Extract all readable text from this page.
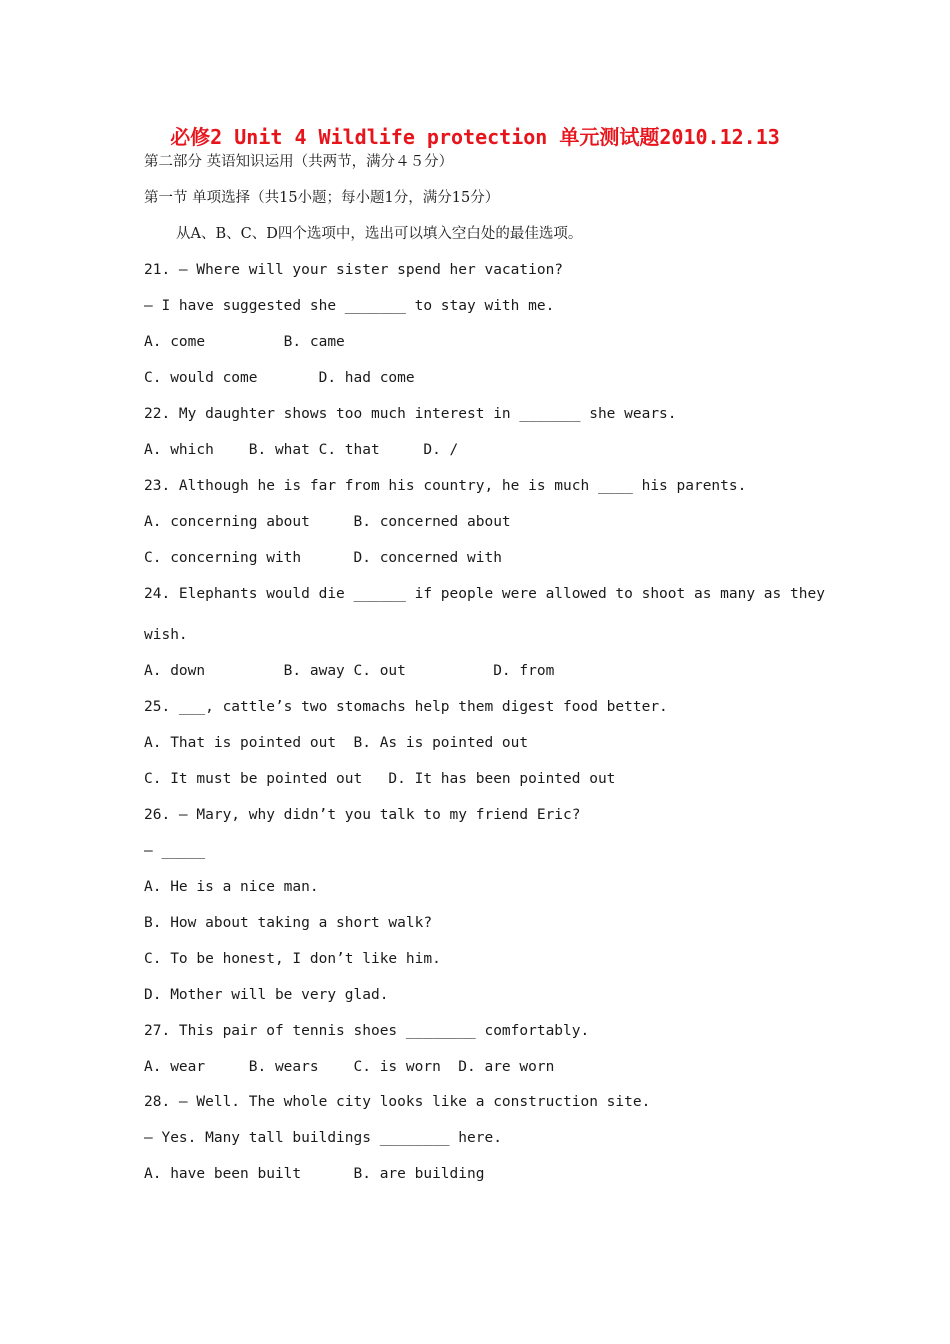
必修2 Unit 4 Wildlife protection 单元测试题2010.12.13
第二部分 英语知识运用（共两节，满分４５分）
第一节 单项选择（共15小题；每小题1分，满分15分）
从A、B、C、D四个选项中，选出可以填入空白处的最佳选项。
21. — Where will your sister spend her vacation?
— I have suggested she _______ to stay with me.
A. come         B. came
C. would come       D. had come
22. My daughter shows too much interest in _______ she wears.
A. which    B. what C. that     D. /
23. Although he is far from his country, he is much ____ his parents.
A. concerning about     B. concerned about
C. concerning with      D. concerned with
24. Elephants would die ______ if people were allowed to shoot as many as they
wish.
A. down         B. away C. out          D. from
25. ___, cattle’s two stomachs help them digest food better.
A. That is pointed out  B. As is pointed out
C. It must be pointed out   D. It has been pointed out
26. — Mary, why didn’t you talk to my friend Eric?
— _____
A. He is a nice man.
B. How about taking a short walk?
C. To be honest, I don’t like him.
D. Mother will be very glad.
27. This pair of tennis shoes ________ comfortably.
A. wear     B. wears    C. is worn  D. are worn
28. — Well. The whole city looks like a construction site.
— Yes. Many tall buildings ________ here.
A. have been built      B. are building
